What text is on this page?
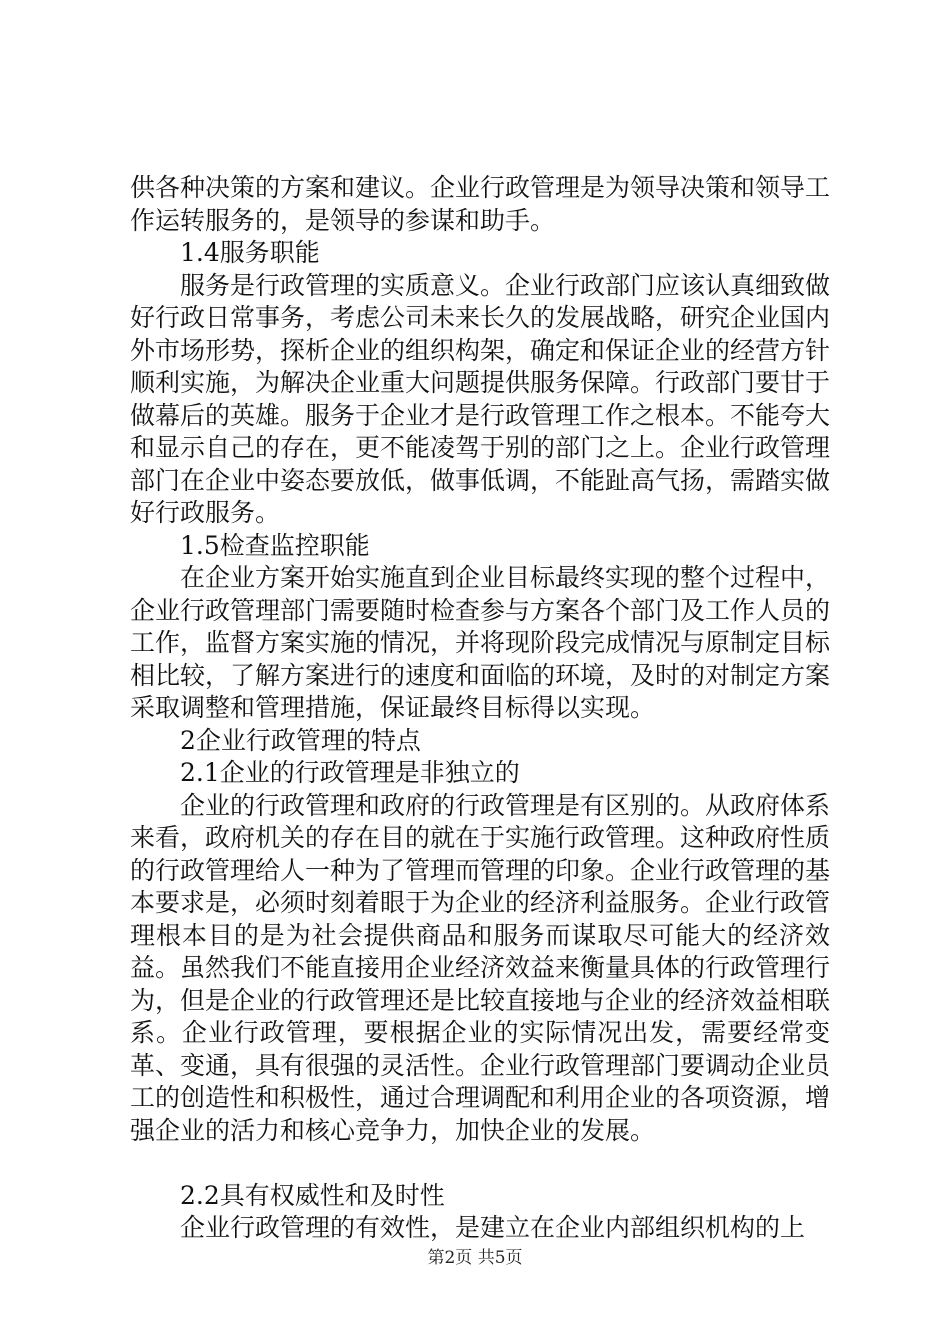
供各种决策的方案和建议。企业行政管理是为领导决策和领导工作运转服务的，是领导的参谋和助手。

1.4服务职能

服务是行政管理的实质意义。企业行政部门应该认真细致做好行政日常事务，考虑公司未来长久的发展战略，研究企业国内外市场形势，探析企业的组织构架，确定和保证企业的经营方针顺利实施，为解决企业重大问题提供服务保障。行政部门要甘于做幕后的英雄。服务于企业才是行政管理工作之根本。不能夸大和显示自己的存在，更不能凌驾于别的部门之上。企业行政管理部门在企业中姿态要放低，做事低调，不能趾高气扬，需踏实做好行政服务。

1.5检查监控职能

在企业方案开始实施直到企业目标最终实现的整个过程中，企业行政管理部门需要随时检查参与方案各个部门及工作人员的工作，监督方案实施的情况，并将现阶段完成情况与原制定目标相比较，了解方案进行的速度和面临的环境，及时的对制定方案采取调整和管理措施，保证最终目标得以实现。

2企业行政管理的特点

2.1企业的行政管理是非独立的

企业的行政管理和政府的行政管理是有区别的。从政府体系来看，政府机关的存在目的就在于实施行政管理。这种政府性质的行政管理给人一种为了管理而管理的印象。企业行政管理的基本要求是，必须时刻着眼于为企业的经济利益服务。企业行政管理根本目的是为社会提供商品和服务而谋取尽可能大的经济效益。虽然我们不能直接用企业经济效益来衡量具体的行政管理行为，但是企业的行政管理还是比较直接地与企业的经济效益相联系。企业行政管理，要根据企业的实际情况出发，需要经常变革、变通，具有很强的灵活性。企业行政管理部门要调动企业员工的创造性和积极性，通过合理调配和利用企业的各项资源，增强企业的活力和核心竞争力，加快企业的发展。

2.2具有权威性和及时性

企业行政管理的有效性，是建立在企业内部组织机构的上

第2页 共5页
